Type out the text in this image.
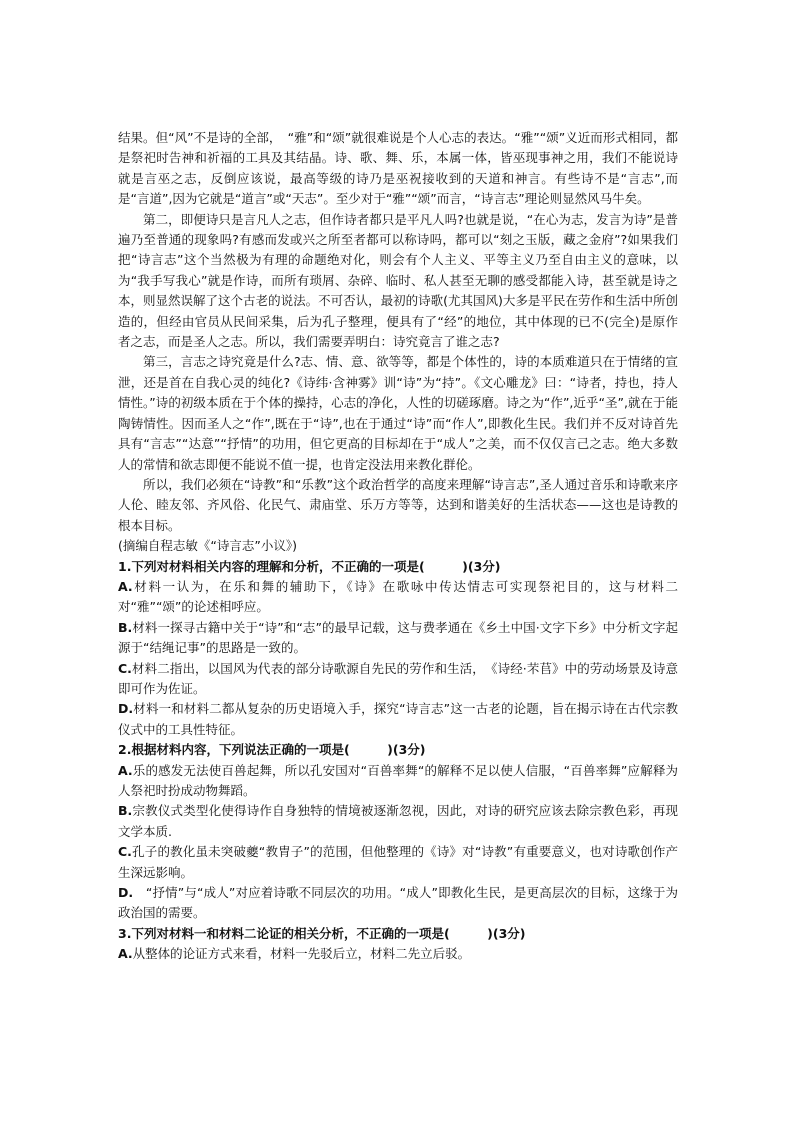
结果。但“风”不是诗的全部，　“雅”和“颂”就很难说是个人心志的表达。“雅”“颂”义近而形式相同，都是祭祀时告神和祈福的工具及其结晶。诗、歌、舞、乐，本属一体，皆巫现事神之用，我们不能说诗就是言巫之志，反倒应该说，最高等级的诗乃是巫祝接收到的天道和神言。有些诗不是“言志”,而是“言道”,因为它就是“道言”或“天志”。至少对于“雅”“颂”而言，“诗言志”理论则显然风马牛矣。

第二，即便诗只是言凡人之志，但作诗者都只是平凡人吗?也就是说，“在心为志，发言为诗”是普遍乃至普通的现象吗?有感而发或兴之所至者都可以称诗吗，都可以“刻之玉版，藏之金府”?如果我们把“诗言志”这个当然极为有理的命题绝对化，则会有个人主义、平等主义乃至自由主义的意味，以为“我手写我心”就是作诗，而所有琐屑、杂碎、临时、私人甚至无聊的感受都能入诗，甚至就是诗之本，则显然误解了这个古老的说法。不可否认，最初的诗歌(尤其国风)大多是平民在劳作和生活中所创造的，但经由官员从民间采集，后为孔子整理，便具有了“经”的地位，其中体现的已不(完全)是原作者之志，而是圣人之志。所以，我们需要弄明白：诗究竟言了谁之志?

第三，言志之诗究竟是什么?志、情、意、欲等等，都是个体性的，诗的本质难道只在于情绪的宣泄，还是首在自我心灵的纯化?《诗纬·含神雾》训“诗”为“持”。《文心雕龙》曰：“诗者，持也，持人情性。”诗的初级本质在于个体的操持，心志的净化，人性的切磋琢磨。诗之为“作”,近乎“圣”,就在于能陶铸情性。因而圣人之“作”,既在于“诗”,也在于通过“诗”而“作人”,即教化生民。我们并不反对诗首先具有“言志”“达意”“抒情”的功用，但它更高的目标却在于“成人”之美，而不仅仅言己之志。绝大多数人的常情和欲志即便不能说不值一提，也肯定没法用来教化群伦。

所以，我们必须在“诗教”和“乐教”这个政治哲学的高度来理解“诗言志”,圣人通过音乐和诗歌来序人伦、睦友邻、齐风俗、化民气、肃庙堂、乐万方等等，达到和谐美好的生活状态——这也是诗教的根本目标。

(摘编自程志敏《“诗言志”小议》)

1.下列对材料相关内容的理解和分析，不正确的一项是(　　　)(3分)

A.材料一认为，在乐和舞的辅助下，《诗》在歌咏中传达情志可实现祭祀目的，这与材料二对“雅”“颂”的论述相呼应。

B.材料一探寻古籍中关于“诗”和“志”的最早记载，这与费孝通在《乡土中国·文字下乡》中分析文字起源于“结绳记事”的思路是一致的。

C.材料二指出，以国风为代表的部分诗歌源自先民的劳作和生活，　《诗经·芣苢》中的劳动场景及诗意即可作为佐证。

D.材料一和材料二都从复杂的历史语境入手，探究“诗言志”这一古老的论题，旨在揭示诗在古代宗教仪式中的工具性特征。

2.根据材料内容，下列说法正确的一项是(　　　)(3分)

A.乐的感发无法使百兽起舞，所以孔安国对“百兽率舞“的解释不足以使人信服，“百兽率舞”应解释为人祭祀时扮成动物舞蹈。

B.宗教仪式类型化使得诗作自身独特的情境被逐渐忽视，因此，对诗的研究应该去除宗教色彩，再现文学本质.

C.孔子的教化虽未突破夔“教胄子”的范围，但他整理的《诗》对“诗教”有重要意义，也对诗歌创作产生深远影响。

D.　“抒情”与“成人”对应着诗歌不同层次的功用。“成人”即教化生民，是更高层次的目标，这缘于为政治国的需要。

3.下列对材料一和材料二论证的相关分析，不正确的一项是(　　　)(3分)

A.从整体的论证方式来看，材料一先驳后立，材料二先立后驳。
